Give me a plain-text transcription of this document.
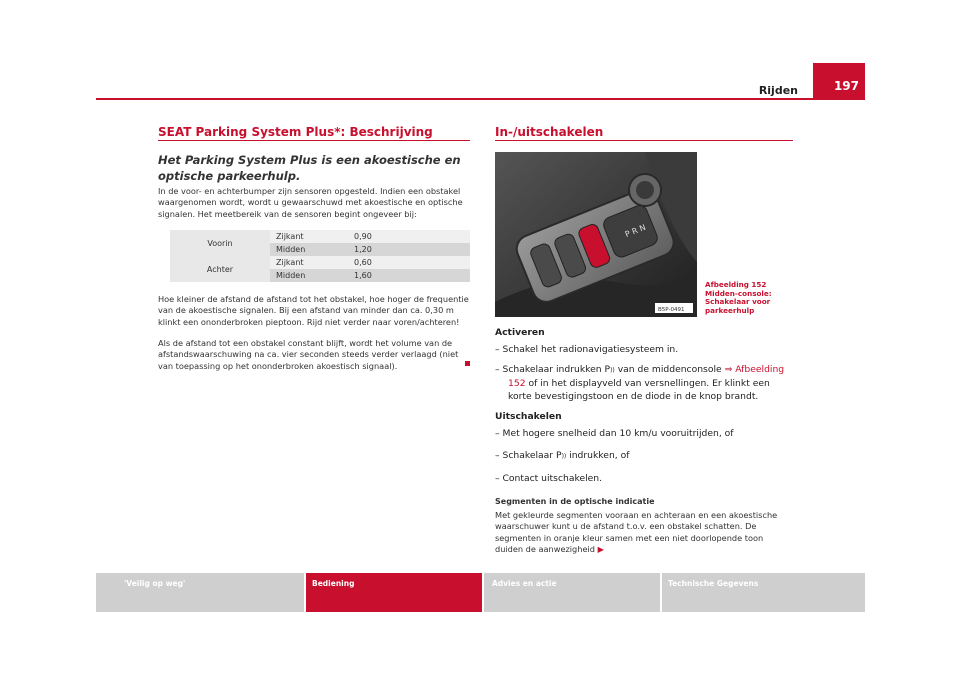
Rijden	197
SEAT Parking System Plus*: Beschrijving
Het Parking System Plus is een akoestische en optische parkeerhulp.
In de voor- en achterbumper zijn sensoren opgesteld. Indien een obstakel waargenomen wordt, wordt u gewaarschuwd met akoestische en optische signalen. Het meetbereik van de sensoren begint ongeveer bij:
Voorin	Zijkant	0,90
	Midden	1,20
Achter	Zijkant	0,60
	Midden	1,60
Hoe kleiner de afstand de afstand tot het obstakel, hoe hoger de frequentie van de akoestische signalen. Bij een afstand van minder dan ca. 0,30 m klinkt een ononderbroken pieptoon. Rijd niet verder naar voren/achteren!
Als de afstand tot een obstakel constant blijft, wordt het volume van de afstandswaarschuwing na ca. vier seconden steeds verder verlaagd (niet van toepassing op het ononderbroken akoestisch signaal).
In-/uitschakelen
P R N
B5P-0491
Afbeelding 152 Midden-console: Schakelaar voor parkeerhulp
Activeren
– Schakel het radionavigatiesysteem in.
– Schakelaar indrukken P)) van de middenconsole ⇒ Afbeelding 152 of in het displayveld van versnellingen. Er klinkt een korte bevestigingstoon en de diode in de knop brandt.
Uitschakelen
– Met hogere snelheid dan 10 km/u vooruitrijden, of
– Schakelaar P)) indrukken, of
– Contact uitschakelen.
Segmenten in de optische indicatie
Met gekleurde segmenten vooraan en achteraan en een akoestische waarschuwer kunt u de afstand t.o.v. een obstakel schatten. De segmenten in oranje kleur samen met een niet doorlopende toon duiden de aanwezigheid ▶
'Veilig op weg'	Bediening	Advies en actie	Technische Gegevens
